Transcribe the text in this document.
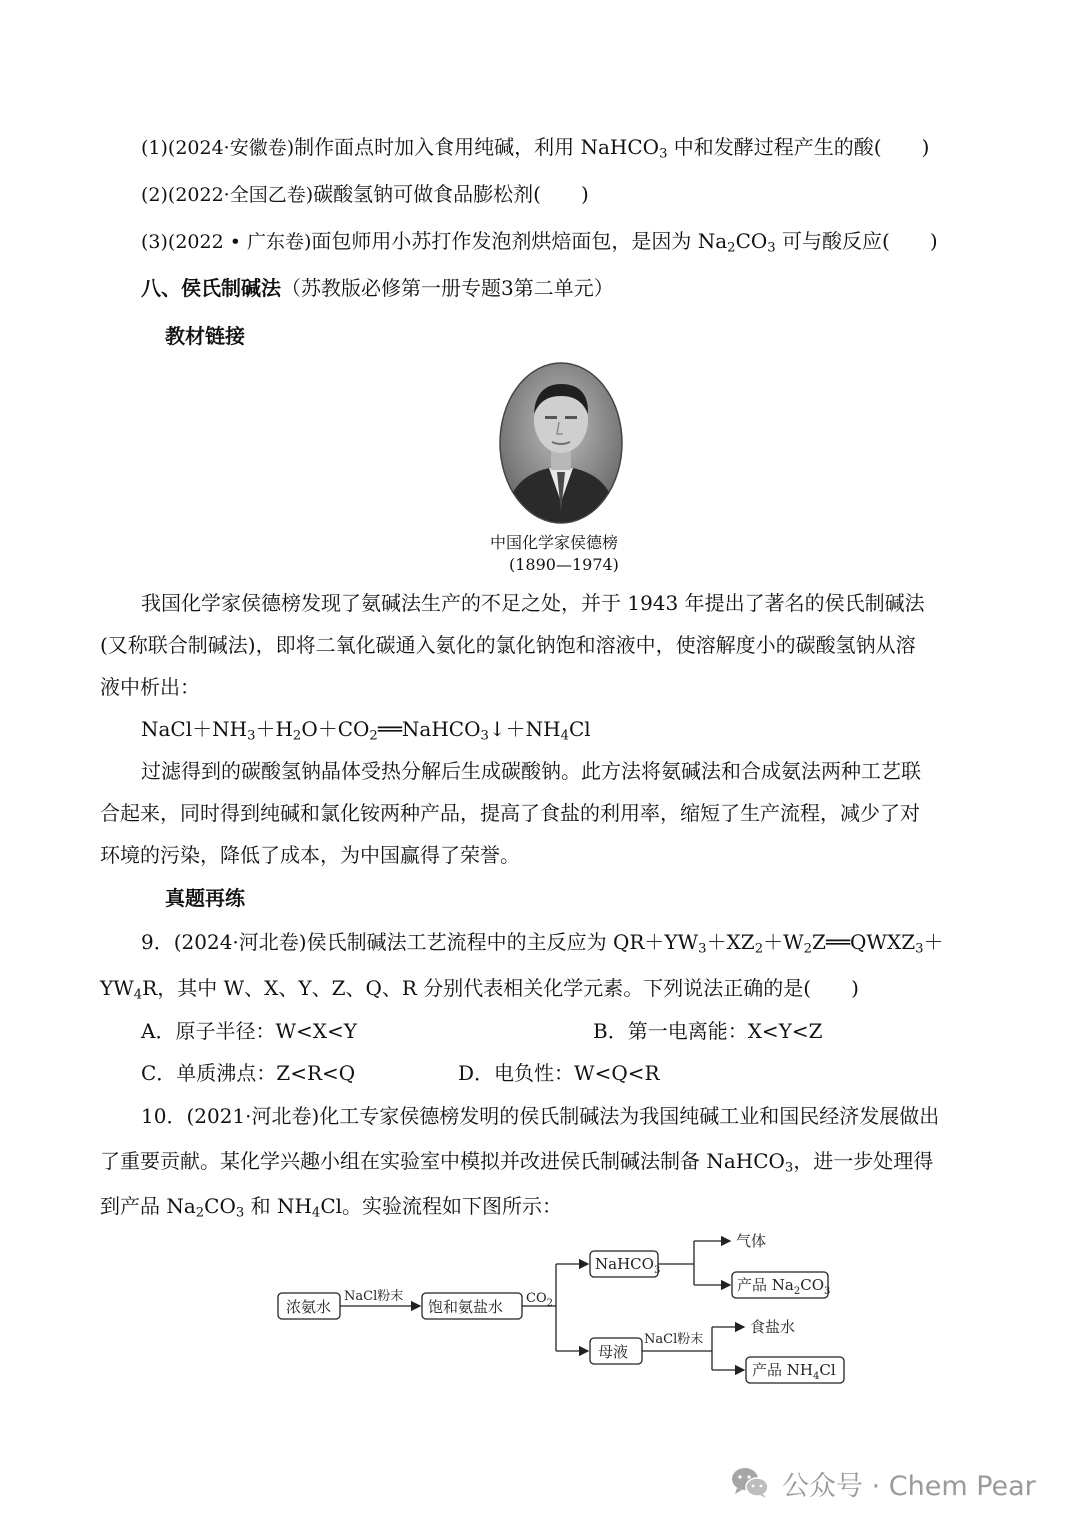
(1)(2024·安徽卷)制作面点时加入食用纯碱，利用 NaHCO$_3$ 中和发酵过程产生的酸(　　)
(2)(2022·全国乙卷)碳酸氢钠可做食品膨松剂(　　)
(3)(2022 • 广东卷)面包师用小苏打作发泡剂烘焙面包，是因为 $Na_2CO_3$ 可与酸反应(　　)
八、侯氏制碱法（苏教版必修第一册专题3第二单元）
教材链接
中国化学家侯德榜
(1890—1974)
我国化学家侯德榜发现了氨碱法生产的不足之处，并于 1943 年提出了著名的侯氏制碱法
(又称联合制碱法)，即将二氧化碳通入氨化的氯化钠饱和溶液中，使溶解度小的碳酸氢钠从溶
液中析出：
$NaCl+NH_3+H_2O+CO_2══NaHCO_3↓+NH_4Cl$
过滤得到的碳酸氢钠晶体受热分解后生成碳酸钠。此方法将氨碱法和合成氨法两种工艺联
合起来，同时得到纯碱和氯化铵两种产品，提高了食盐的利用率，缩短了生产流程，减少了对
环境的污染，降低了成本，为中国赢得了荣誉。
真题再练
9．(2024·河北卷)侯氏制碱法工艺流程中的主反应为 $QR+YW_3+XZ_2+W_2Z══QWXZ_3+$
$YW_4R$，其中 W、X、Y、Z、Q、R 分别代表相关化学元素。下列说法正确的是(　　)
A．原子半径：W<X<Y	B．第一电离能：X<Y<Z
C．单质沸点：Z<R<Q	D．电负性：W<Q<R
10．(2021·河北卷)化工专家侯德榜发明的侯氏制碱法为我国纯碱工业和国民经济发展做出
了重要贡献。某化学兴趣小组在实验室中模拟并改进侯氏制碱法制备 NaHCO$_3$，进一步处理得
到产品 $Na_2CO_3$ 和 $NH_4Cl$。实验流程如下图所示：
浓氨水
NaCl粉末
饱和氨盐水 $CO_2$
NaHCO$_3$
气体
产品 $Na_2CO_3$
母液
NaCl粉末
食盐水
产品 $NH_4Cl$
公众号 · Chem Pear
